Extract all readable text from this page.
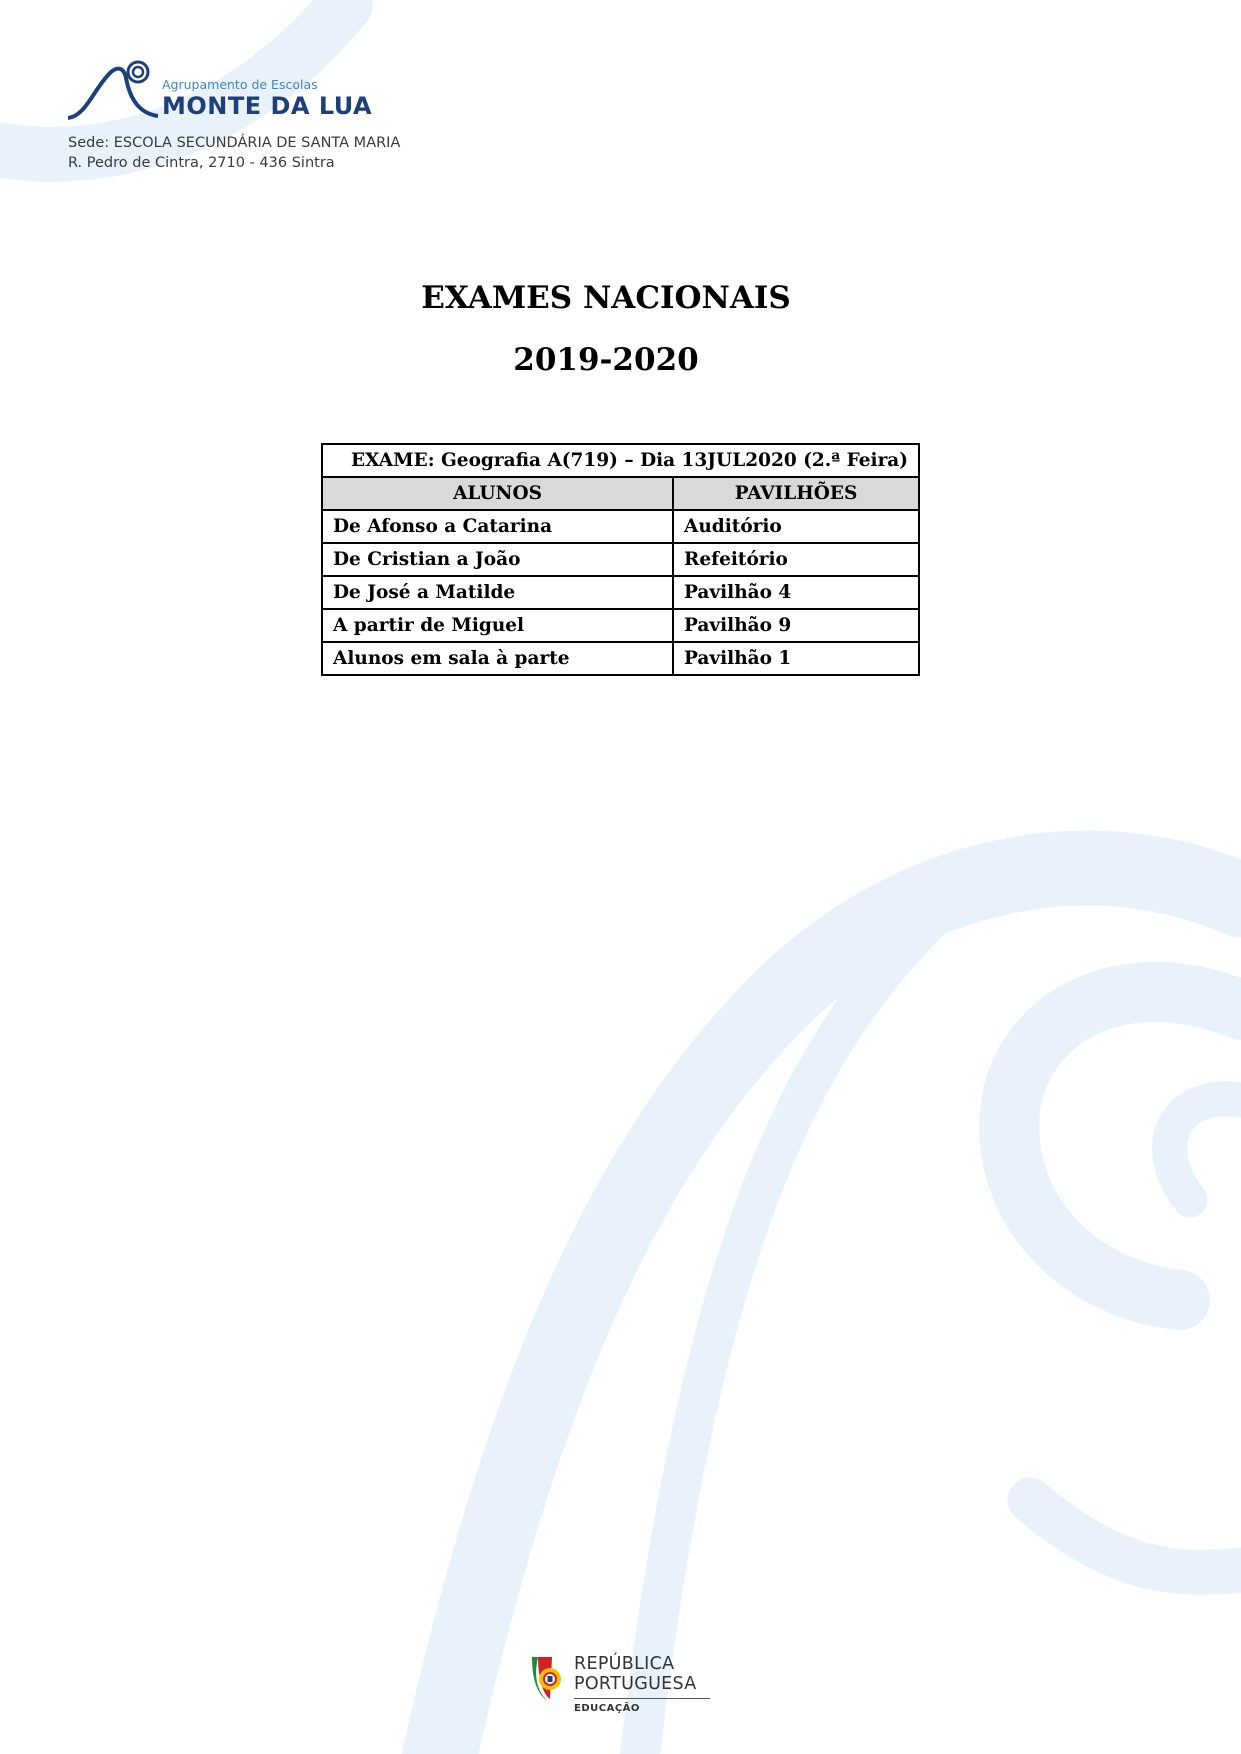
Agrupamento de Escolas
MONTE DA LUA
Sede: ESCOLA SECUNDÁRIA DE SANTA MARIA
R. Pedro de Cintra, 2710 - 436 Sintra
EXAMES NACIONAIS
2019-2020
EXAME: Geografia A(719) – Dia 13JUL2020 (2.ª Feira)	
ALUNOS	PAVILHÕES
De Afonso a Catarina	Auditório
De Cristian a João	Refeitório
De José a Matilde	Pavilhão 4
A partir de Miguel	Pavilhão 9
Alunos em sala à parte	Pavilhão 1
REPÚBLICA
PORTUGUESA
EDUCAÇÃO
